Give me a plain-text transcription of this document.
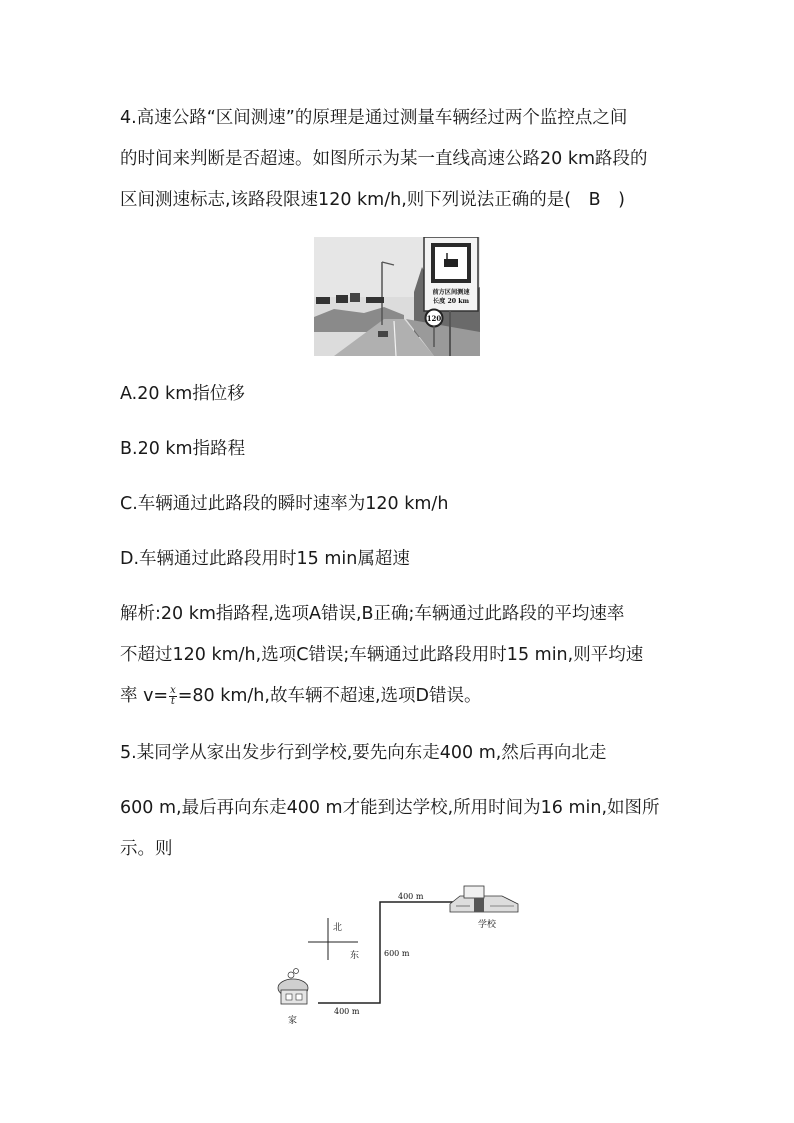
4.高速公路“区间测速”的原理是通过测量车辆经过两个监控点之间
的时间来判断是否超速。如图所示为某一直线高速公路20 km路段的
区间测速标志,该路段限速120 km/h,则下列说法正确的是(　B　)
前方区间测速
长度 20 km
120
A.20 km指位移
B.20 km指路程
C.车辆通过此路段的瞬时速率为120 km/h
D.车辆通过此路段用时15 min属超速
解析:20 km指路程,选项A错误,B正确;车辆通过此路段的平均速率
不超过120 km/h,选项C错误;车辆通过此路段用时15 min,则平均速
率 $v= \frac{x}{t} =80$ km/h,故车辆不超速,选项D错误。
5.某同学从家出发步行到学校,要先向东走400 m,然后再向北走
600 m,最后再向东走400 m才能到达学校,所用时间为16 min,如图所
示。则
北
东
400 m
600 m
400 m
家
学校
